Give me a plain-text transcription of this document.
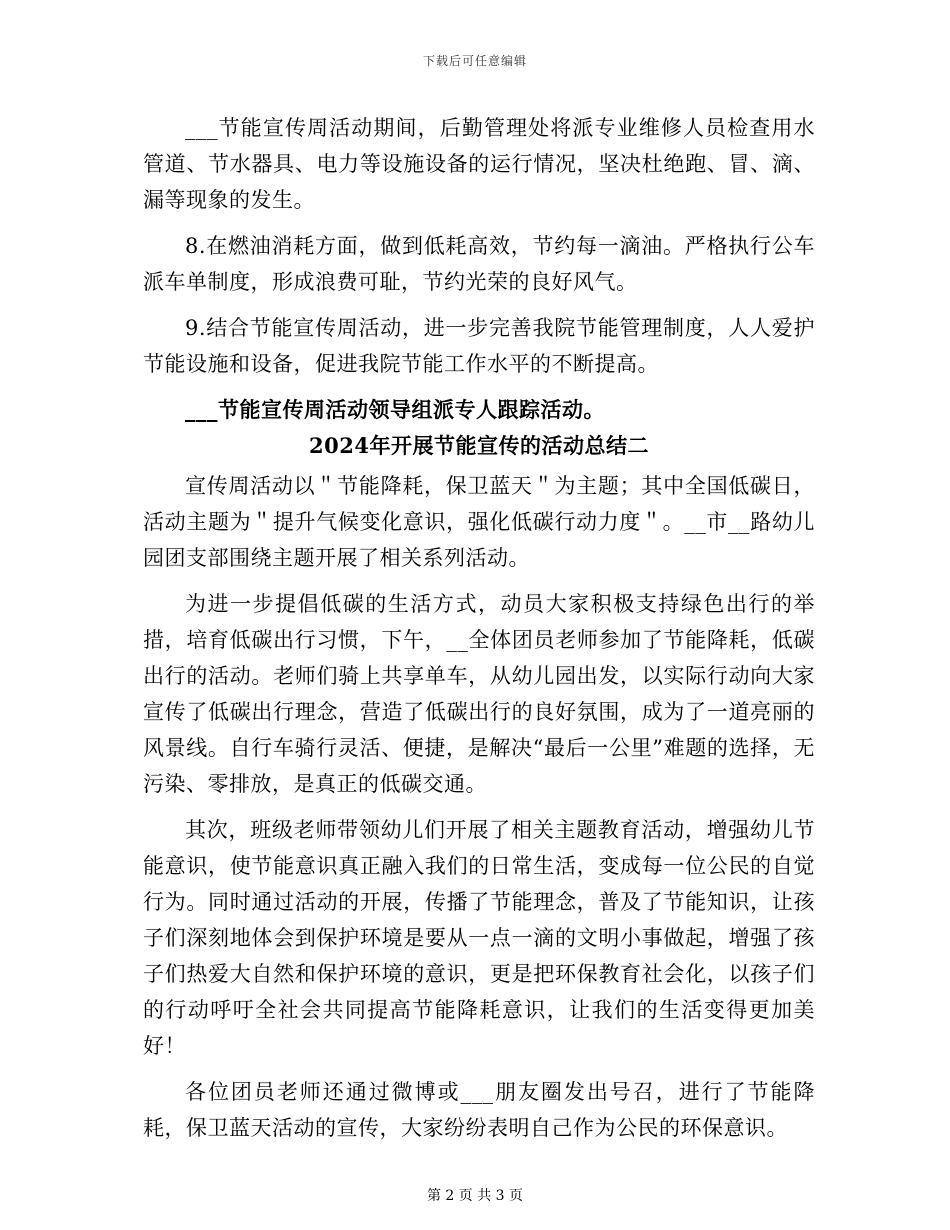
下载后可任意编辑

___节能宣传周活动期间，后勤管理处将派专业维修人员检查用水管道、节水器具、电力等设施设备的运行情况，坚决杜绝跑、冒、滴、漏等现象的发生。

8.在燃油消耗方面，做到低耗高效，节约每一滴油。严格执行公车派车单制度，形成浪费可耻，节约光荣的良好风气。

9.结合节能宣传周活动，进一步完善我院节能管理制度，人人爱护节能设施和设备，促进我院节能工作水平的不断提高。

___节能宣传周活动领导组派专人跟踪活动。

2024年开展节能宣传的活动总结二

宣传周活动以＂节能降耗，保卫蓝天＂为主题；其中全国低碳日，活动主题为＂提升气候变化意识，强化低碳行动力度＂。__市__路幼儿园团支部围绕主题开展了相关系列活动。

为进一步提倡低碳的生活方式，动员大家积极支持绿色出行的举措，培育低碳出行习惯，下午，__全体团员老师参加了节能降耗，低碳出行的活动。老师们骑上共享单车，从幼儿园出发，以实际行动向大家宣传了低碳出行理念，营造了低碳出行的良好氛围，成为了一道亮丽的风景线。自行车骑行灵活、便捷，是解决“最后一公里”难题的选择，无污染、零排放，是真正的低碳交通。

其次，班级老师带领幼儿们开展了相关主题教育活动，增强幼儿节能意识，使节能意识真正融入我们的日常生活，变成每一位公民的自觉行为。同时通过活动的开展，传播了节能理念，普及了节能知识，让孩子们深刻地体会到保护环境是要从一点一滴的文明小事做起，增强了孩子们热爱大自然和保护环境的意识，更是把环保教育社会化，以孩子们的行动呼吁全社会共同提高节能降耗意识，让我们的生活变得更加美好！

各位团员老师还通过微博或___朋友圈发出号召，进行了节能降耗，保卫蓝天活动的宣传，大家纷纷表明自己作为公民的环保意识。

第 2 页 共 3 页
